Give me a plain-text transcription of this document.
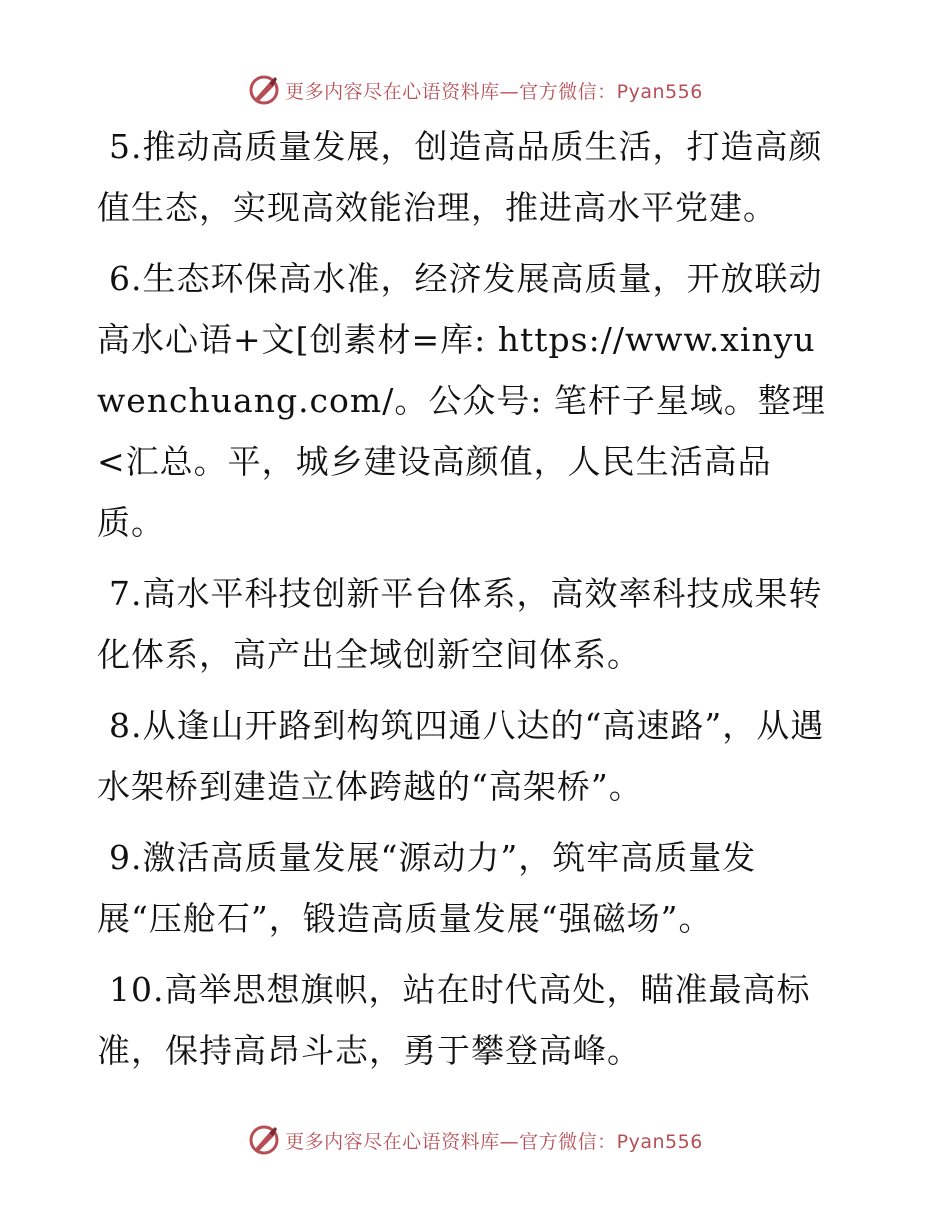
更多内容尽在心语资料库—官方微信：Pyan556

5.推动高质量发展，创造高品质生活，打造高颜值生态，实现高效能治理，推进高水平党建。

6.生态环保高水准，经济发展高质量，开放联动高水心语+文[创素材=库: https://www.xinyuwenchuang.com/。公众号: 笔杆子星域。整理<汇总。平，城乡建设高颜值，人民生活高品质。

7.高水平科技创新平台体系，高效率科技成果转化体系，高产出全域创新空间体系。

8.从逢山开路到构筑四通八达的“高速路”，从遇水架桥到建造立体跨越的“高架桥”。

9.激活高质量发展“源动力”，筑牢高质量发展“压舱石”，锻造高质量发展“强磁场”。

10.高举思想旗帜，站在时代高处，瞄准最高标准，保持高昂斗志，勇于攀登高峰。

更多内容尽在心语资料库—官方微信：Pyan556
